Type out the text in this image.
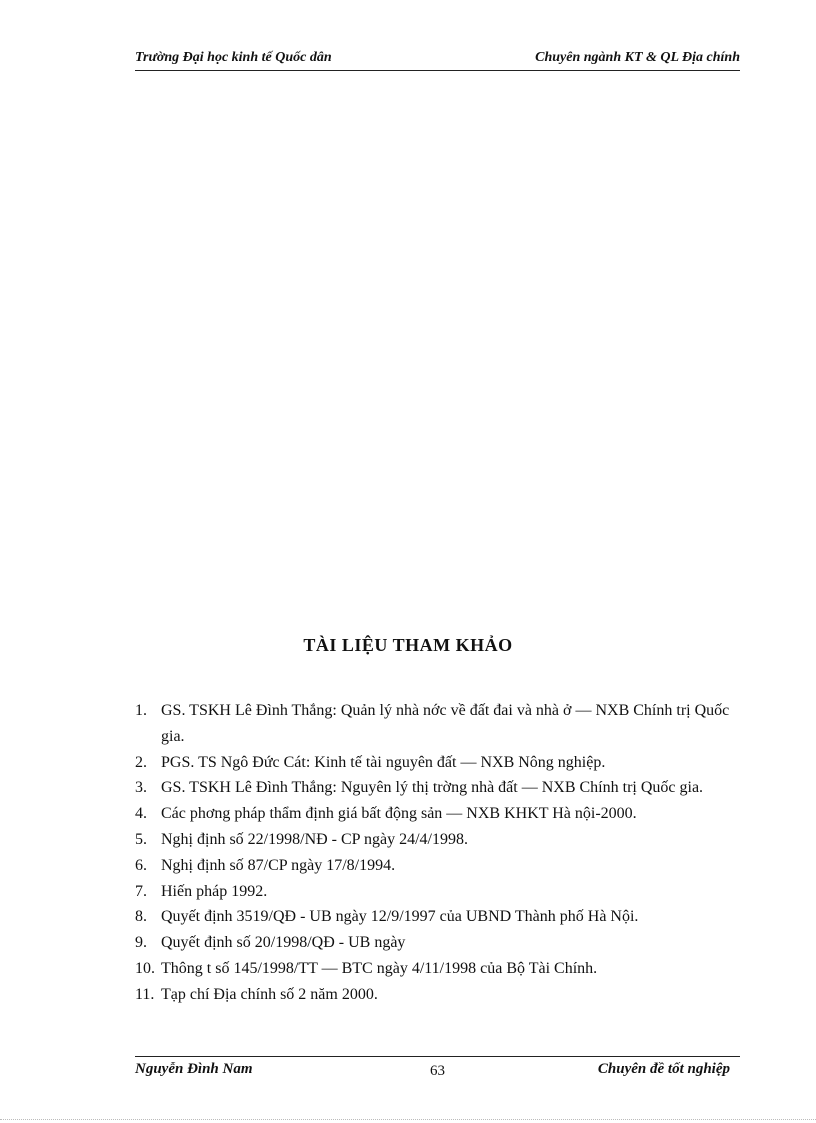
Trường Đại học kinh tế Quốc dân	Chuyên ngành KT & QL Địa chính
TÀI LIỆU THAM KHẢO
1. GS. TSKH Lê Đình Thắng: Quản lý nhà nớc về đất đai và nhà ở — NXB Chính trị Quốc gia.
2. PGS. TS Ngô Đức Cát: Kinh tế tài nguyên đất — NXB Nông nghiệp.
3. GS. TSKH Lê Đình Thắng: Nguyên lý thị trờng nhà đất — NXB Chính trị Quốc gia.
4. Các phơng pháp thẩm định giá bất động sản — NXB KHKT Hà nội-2000.
5. Nghị định số 22/1998/NĐ - CP ngày 24/4/1998.
6. Nghị định số 87/CP ngày 17/8/1994.
7. Hiến pháp 1992.
8. Quyết định 3519/QĐ - UB ngày 12/9/1997 của UBND Thành phố Hà Nội.
9. Quyết định số 20/1998/QĐ - UB ngày
10. Thông t số 145/1998/TT — BTC ngày 4/11/1998 của Bộ Tài Chính.
11. Tạp chí Địa chính số 2 năm 2000.
Nguyễn Đình Nam	63	Chuyên đề tốt nghiệp
